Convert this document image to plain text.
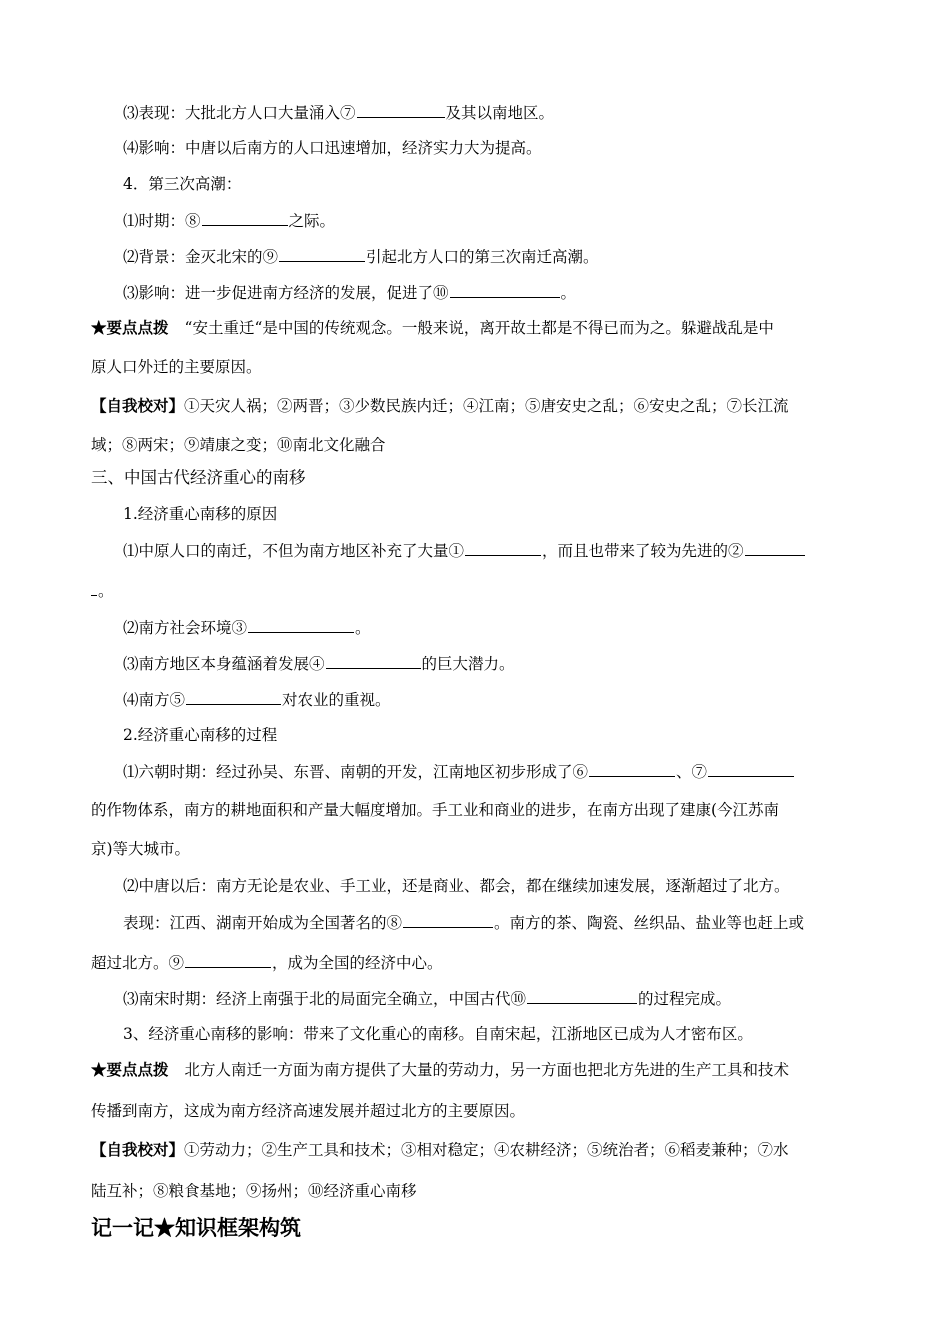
⑶表现：大批北方人口大量涌入⑦	及其以南地区。
⑷影响：中唐以后南方的人口迅速增加，经济实力大为提高。
4．第三次高潮：
⑴时期：⑧	之际。
⑵背景：金灭北宋的⑨	引起北方人口的第三次南迁高潮。
⑶影响：进一步促进南方经济的发展，促进了⑩	。
★要点点拨 “安土重迁“是中国的传统观念。一般来说，离开故土都是不得已而为之。躲避战乱是中
原人口外迁的主要原因。
【自我校对】①天灾人祸；②两晋；③少数民族内迁；④江南；⑤唐安史之乱；⑥安史之乱；⑦长江流
域；⑧两宋；⑨靖康之变；⑩南北文化融合
三、中国古代经济重心的南移
1.经济重心南移的原因
⑴中原人口的南迁，不但为南方地区补充了大量①	，而且也带来了较为先进的②
。
⑵南方社会环境③	。
⑶南方地区本身蕴涵着发展④	的巨大潜力。
⑷南方⑤	对农业的重视。
2.经济重心南移的过程
⑴六朝时期：经过孙吴、东晋、南朝的开发，江南地区初步形成了⑥	、⑦
的作物体系，南方的耕地面积和产量大幅度增加。手工业和商业的进步，在南方出现了建康(今江苏南
京)等大城市。
⑵中唐以后：南方无论是农业、手工业，还是商业、都会，都在继续加速发展，逐渐超过了北方。
表现：江西、湖南开始成为全国著名的⑧	。南方的茶、陶瓷、丝织品、盐业等也赶上或
超过北方。⑨	，成为全国的经济中心。
⑶南宋时期：经济上南强于北的局面完全确立，中国古代⑩	的过程完成。
3、经济重心南移的影响：带来了文化重心的南移。自南宋起，江浙地区已成为人才密布区。
★要点点拨 北方人南迁一方面为南方提供了大量的劳动力，另一方面也把北方先进的生产工具和技术
传播到南方，这成为南方经济高速发展并超过北方的主要原因。
【自我校对】①劳动力；②生产工具和技术；③相对稳定；④农耕经济；⑤统治者；⑥稻麦兼种；⑦水
陆互补；⑧粮食基地；⑨扬州；⑩经济重心南移
记一记★知识框架构筑
